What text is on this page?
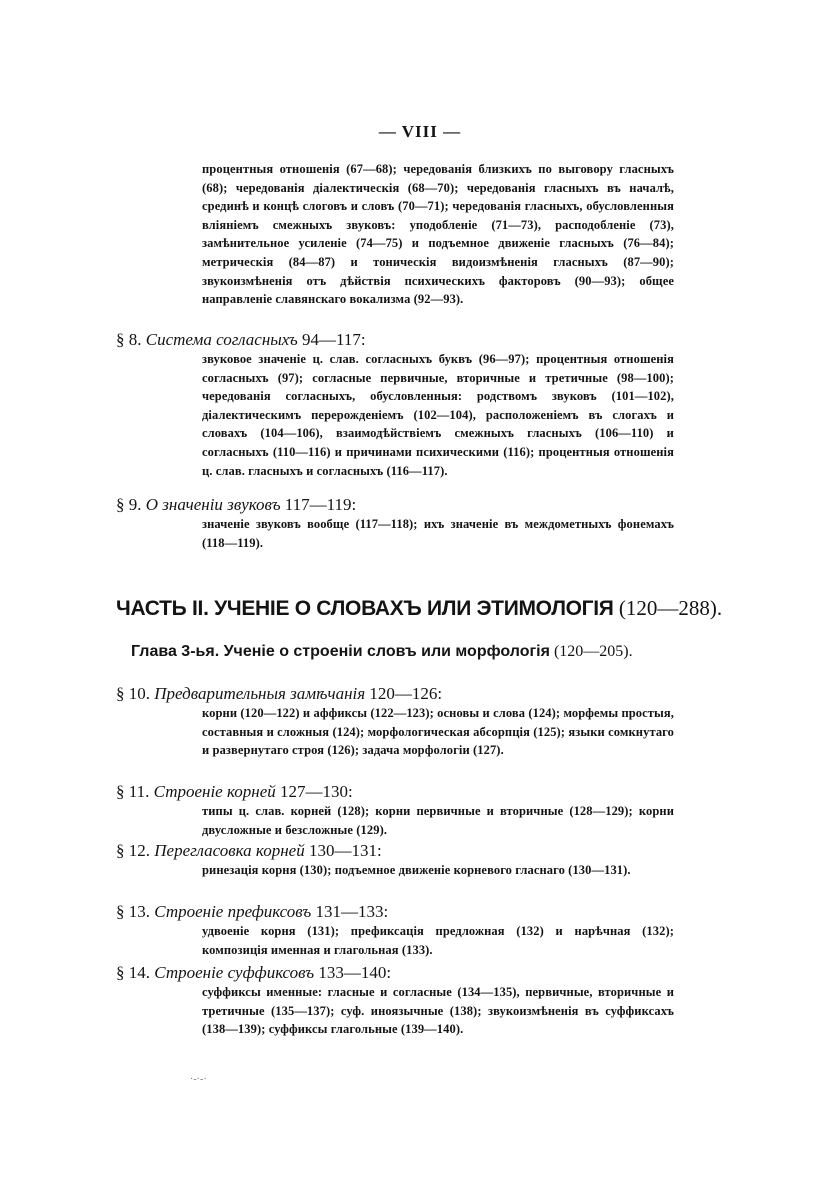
— VIII —
процентныя отношенія (67—68); чередованія близкихъ по выговору гласныхъ (68); чередованія діалектическія (68—70); чередованія гласныхъ въ началѣ, срединѣ и концѣ слоговъ и словъ (70—71); чередованія гласныхъ, обусловленныя вліяніемъ смежныхъ звуковъ: уподобленіе (71—73), расподобленіе (73), замѣнительное усиленіе (74—75) и подъемное движеніе гласныхъ (76—84); метрическія (84—87) и тоническія видоизмѣненія гласныхъ (87—90); звукоизмѣненія отъ дѣйствія психическихъ факторовъ (90—93); общее направленіе славянскаго вокализма (92—93).
§ 8. Система согласныхъ 94—117:
звуковое значеніе ц. слав. согласныхъ буквъ (96—97); процентныя отношенія согласныхъ (97); согласные первичные, вторичные и третичные (98—100); чередованія согласныхъ, обусловленныя: родствомъ звуковъ (101—102), діалектическимъ перерожденіемъ (102—104), расположеніемъ въ слогахъ и словахъ (104—106), взаимодѣйствіемъ смежныхъ гласныхъ (106—110) и согласныхъ (110—116) и причинами психическими (116); процентныя отношенія ц. слав. гласныхъ и согласныхъ (116—117).
§ 9. О значеніи звуковъ 117—119:
значеніе звуковъ вообще (117—118); ихъ значеніе въ междометныхъ фонемахъ (118—119).
ЧАСТЬ II. УЧЕНІЕ О СЛОВАХЪ ИЛИ ЭТИМОЛОГІЯ (120—288).
Глава 3-ья. Ученіе о строеніи словъ или морфологія (120—205).
§ 10. Предварительныя замѣчанія 120—126:
корни (120—122) и аффиксы (122—123); основы и слова (124); морфемы простыя, составныя и сложныя (124); морфологическая абсорпція (125); языки сомкнутаго и развернутаго строя (126); задача морфологіи (127).
§ 11. Строеніе корней 127—130:
типы ц. слав. корней (128); корни первичные и вторичные (128—129); корни двусложные и безсложные (129).
§ 12. Перегласовка корней 130—131:
ринезація корня (130); подъемное движеніе корневого гласнаго (130—131).
§ 13. Строеніе префиксовъ 131—133:
удвоеніе корня (131); префиксація предложная (132) и нарѣчная (132); композиція именная и глагольная (133).
§ 14. Строеніе суффиксовъ 133—140:
суффиксы именные: гласные и согласные (134—135), первичные, вторичные и третичные (135—137); суф. иноязычные (138); звукоизмѣненія въ суффиксахъ (138—139); суффиксы глагольные (139—140).
·-·-·
